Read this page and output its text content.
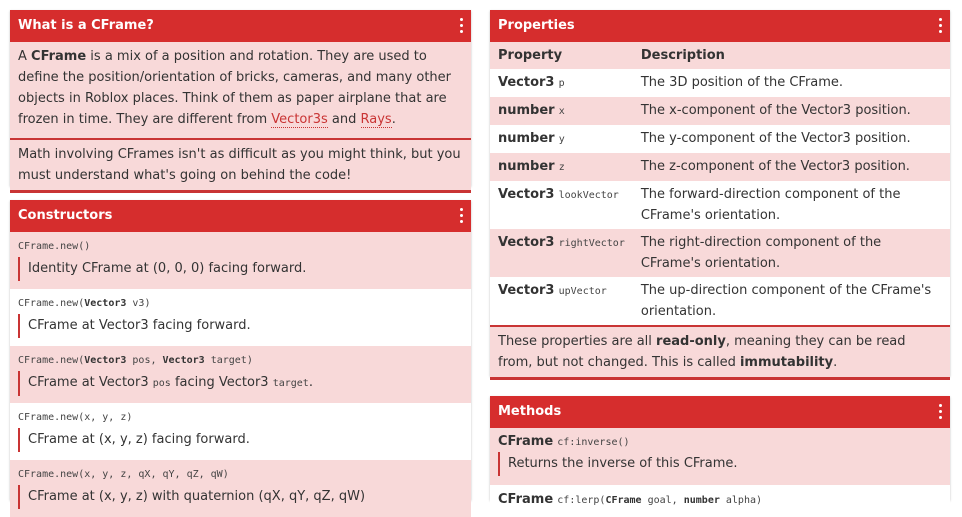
What is a CFrame?
A CFrame is a mix of a position and rotation. They are used to define the position/orientation of bricks, cameras, and many other objects in Roblox places. Think of them as paper airplane that are frozen in time. They are different from Vector3s and Rays.
Math involving CFrames isn't as difficult as you might think, but you must understand what's going on behind the code!
Constructors
CFrame.new()
Identity CFrame at (0, 0, 0) facing forward.
CFrame.new(Vector3 v3)
CFrame at Vector3 facing forward.
CFrame.new(Vector3 pos, Vector3 target)
CFrame at Vector3 pos facing Vector3 target.
CFrame.new(x, y, z)
CFrame at (x, y, z) facing forward.
CFrame.new(x, y, z, qX, qY, qZ, qW)
CFrame at (x, y, z) with quaternion (qX, qY, qZ, qW)
Properties
Property	Description
Vector3 p	The 3D position of the CFrame.
number x	The x-component of the Vector3 position.
number y	The y-component of the Vector3 position.
number z	The z-component of the Vector3 position.
Vector3 lookVector	The forward-direction component of the CFrame's orientation.
Vector3 rightVector	The right-direction component of the CFrame's orientation.
Vector3 upVector	The up-direction component of the CFrame's orientation.
These properties are all read-only, meaning they can be read from, but not changed. This is called immutability.
Methods
CFrame cf:inverse()
Returns the inverse of this CFrame.
CFrame cf:lerp(CFrame goal, number alpha)
